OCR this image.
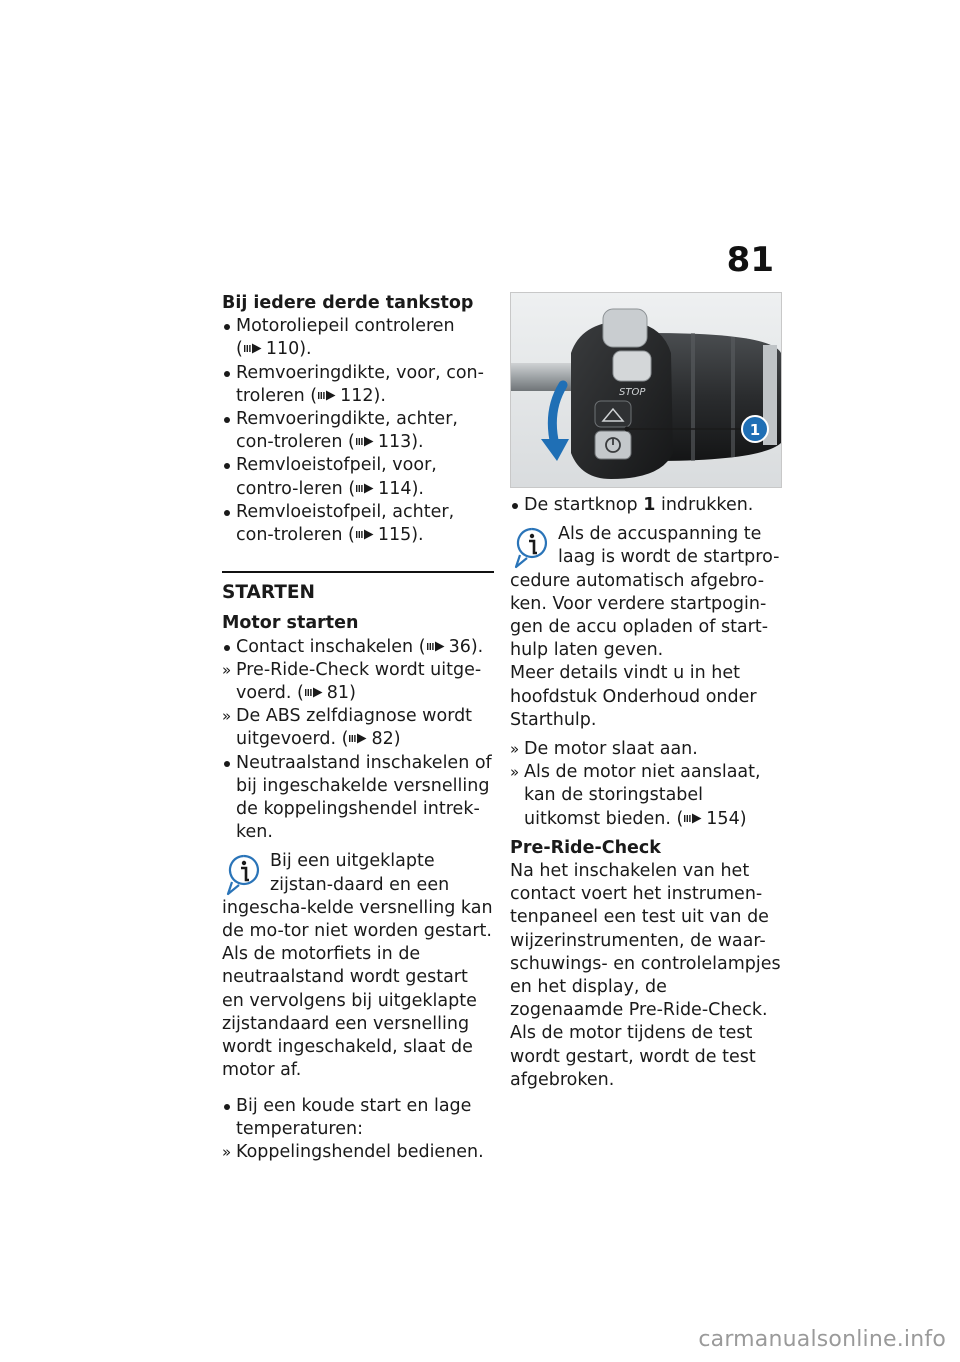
81

Bij iedere derde tankstop

Motoroliepeil controleren ( 110).

Remvoeringdikte, voor, con-troleren ( 112).

Remvoeringdikte, achter, con-troleren ( 113).

Remvloeistofpeil, voor, contro-leren ( 114).

Remvloeistofpeil, achter, con-troleren ( 115).

STARTEN

Motor starten

Contact inschakelen ( 36).

» Pre-Ride-Check wordt uitge-voerd. ( 81)

» De ABS zelfdiagnose wordt uitgevoerd. ( 82)

Neutraalstand inschakelen of bij ingeschakelde versnelling de koppelingshendel intrek-ken.

Bij een uitgeklapte zijstan-daard en een ingescha-kelde versnelling kan de mo-tor niet worden gestart. Als de motorfiets in de neutraalstand wordt gestart en vervolgens bij uitgeklapte zijstandaard een versnelling wordt ingeschakeld, slaat de motor af.

Bij een koude start en lage temperaturen:

» Koppelingshendel bedienen.

STOP
1

De startknop 1 indrukken.

Als de accuspanning te laag is wordt de startpro-cedure automatisch afgebro-ken. Voor verdere startpogin-gen de accu opladen of start-hulp laten geven.

Meer details vindt u in het hoofdstuk Onderhoud onder Starthulp.

» De motor slaat aan.

» Als de motor niet aanslaat, kan de storingstabel uitkomst bieden. ( 154)

Pre-Ride-Check

Na het inschakelen van het contact voert het instrumen-tenpaneel een test uit van de wijzerinstrumenten, de waar-schuwings- en controlelampjes en het display, de zogenaamde Pre-Ride-Check. Als de motor tijdens de test wordt gestart, wordt de test afgebroken.

carmanualsonline.info
